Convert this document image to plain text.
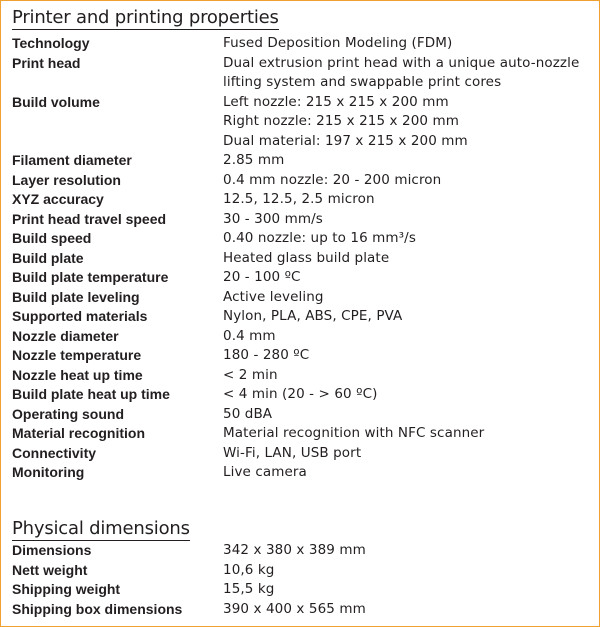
Printer and printing properties
Technology	Fused Deposition Modeling (FDM)
Print head	Dual extrusion print head with a unique auto-nozzle
lifting system and swappable print cores
Build volume	Left nozzle: 215 x 215 x 200 mm
Right nozzle: 215 x 215 x 200 mm
Dual material: 197 x 215 x 200 mm
Filament diameter	2.85 mm
Layer resolution	0.4 mm nozzle: 20 - 200 micron
XYZ accuracy	12.5, 12.5, 2.5 micron
Print head travel speed	30 - 300 mm/s
Build speed	0.40 nozzle: up to 16 mm³/s
Build plate	Heated glass build plate
Build plate temperature	20 - 100 ºC
Build plate leveling	Active leveling
Supported materials	Nylon, PLA, ABS, CPE, PVA
Nozzle diameter	0.4 mm
Nozzle temperature	180 - 280 ºC
Nozzle heat up time	< 2 min
Build plate heat up time	< 4 min (20 - > 60 ºC)
Operating sound	50 dBA
Material recognition	Material recognition with NFC scanner
Connectivity	Wi-Fi, LAN, USB port
Monitoring	Live camera
Physical dimensions
Dimensions	342 x 380 x 389 mm
Nett weight	10,6 kg
Shipping weight	15,5 kg
Shipping box dimensions	390 x 400 x 565 mm
